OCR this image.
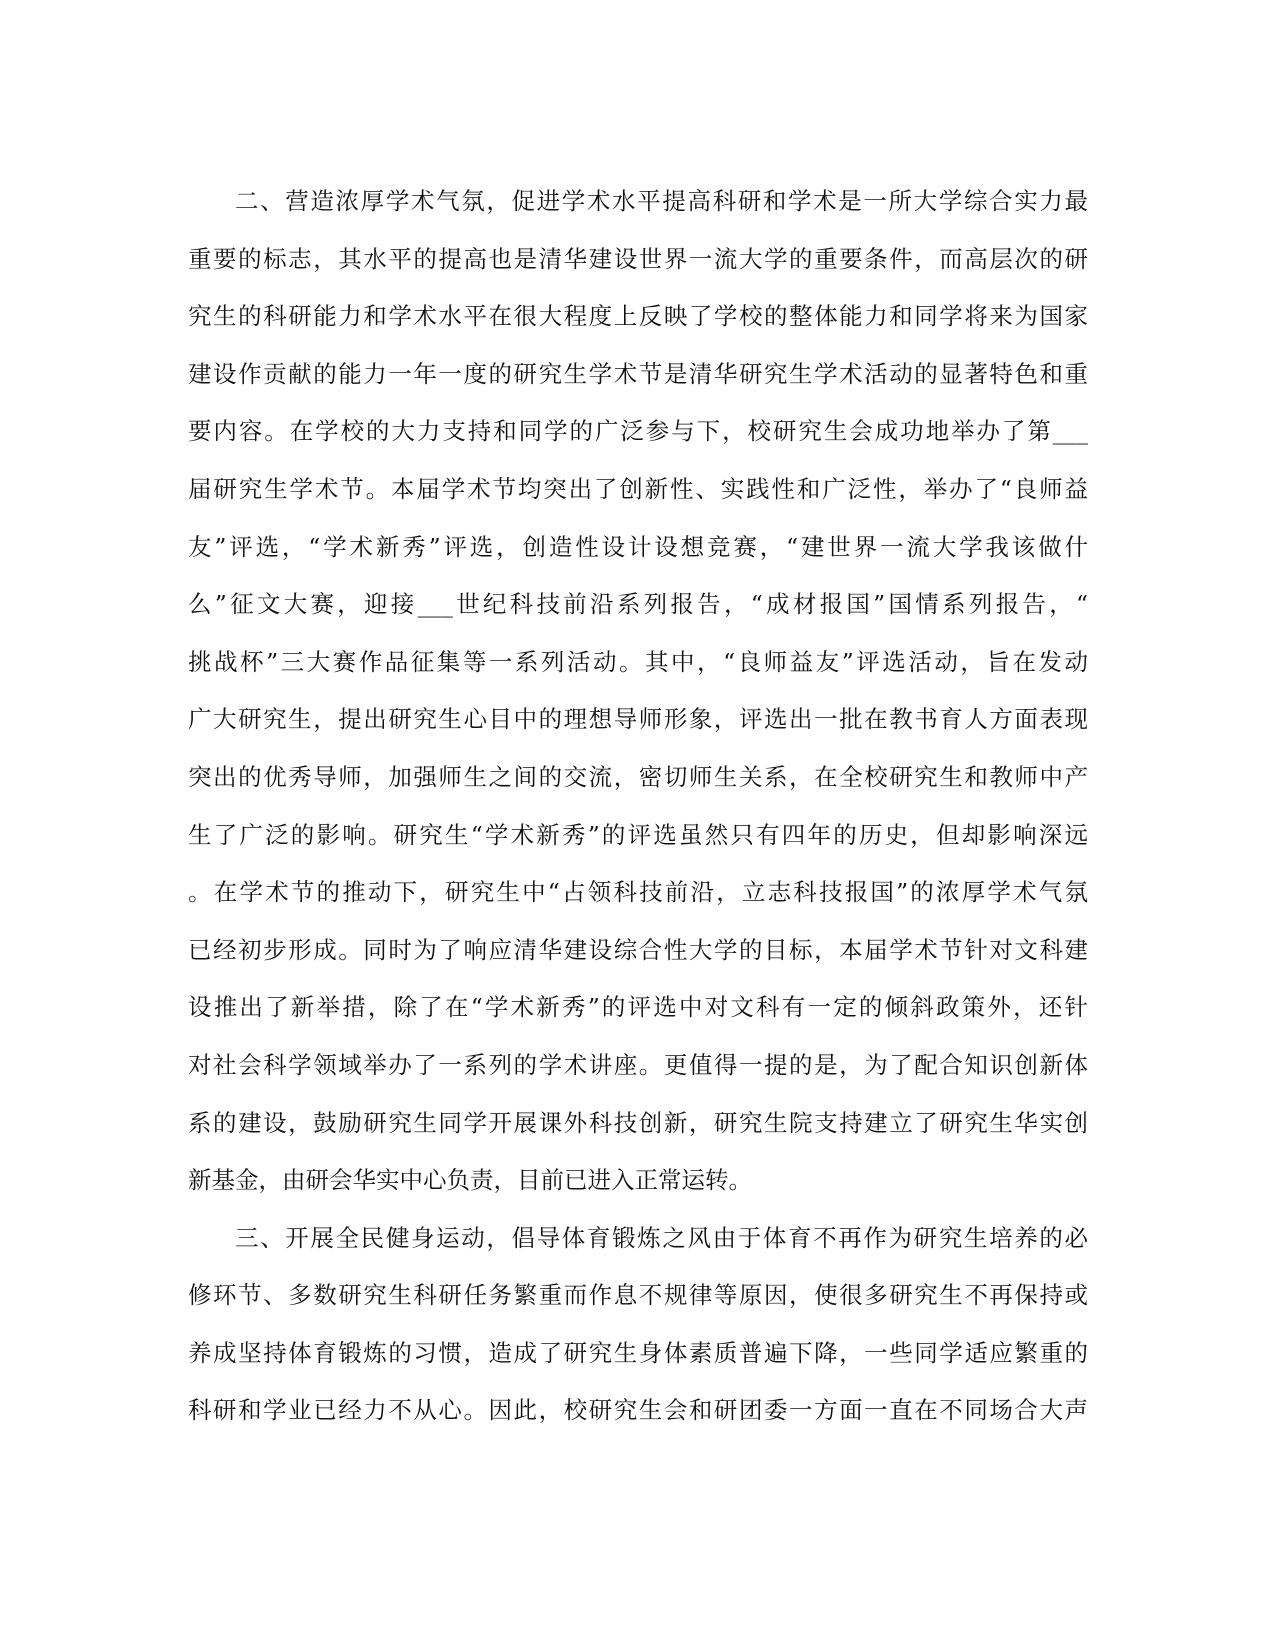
二、营造浓厚学术气氛，促进学术水平提高科研和学术是一所大学综合实力最
重要的标志，其水平的提高也是清华建设世界一流大学的重要条件，而高层次的研
究生的科研能力和学术水平在很大程度上反映了学校的整体能力和同学将来为国家
建设作贡献的能力一年一度的研究生学术节是清华研究生学术活动的显著特色和重
要内容。在学校的大力支持和同学的广泛参与下，校研究生会成功地举办了第___
届研究生学术节。本届学术节均突出了创新性、实践性和广泛性，举办了“良师益
友”评选，“学术新秀”评选，创造性设计设想竞赛，“建世界一流大学我该做什
么”征文大赛，迎接___世纪科技前沿系列报告，“成材报国”国情系列报告，“
挑战杯”三大赛作品征集等一系列活动。其中，“良师益友”评选活动，旨在发动
广大研究生，提出研究生心目中的理想导师形象，评选出一批在教书育人方面表现
突出的优秀导师，加强师生之间的交流，密切师生关系，在全校研究生和教师中产
生了广泛的影响。研究生“学术新秀”的评选虽然只有四年的历史，但却影响深远
。在学术节的推动下，研究生中“占领科技前沿，立志科技报国”的浓厚学术气氛
已经初步形成。同时为了响应清华建设综合性大学的目标，本届学术节针对文科建
设推出了新举措，除了在“学术新秀”的评选中对文科有一定的倾斜政策外，还针
对社会科学领域举办了一系列的学术讲座。更值得一提的是，为了配合知识创新体
系的建设，鼓励研究生同学开展课外科技创新，研究生院支持建立了研究生华实创
新基金，由研会华实中心负责，目前已进入正常运转。
三、开展全民健身运动，倡导体育锻炼之风由于体育不再作为研究生培养的必
修环节、多数研究生科研任务繁重而作息不规律等原因，使很多研究生不再保持或
养成坚持体育锻炼的习惯，造成了研究生身体素质普遍下降，一些同学适应繁重的
科研和学业已经力不从心。因此，校研究生会和研团委一方面一直在不同场合大声
